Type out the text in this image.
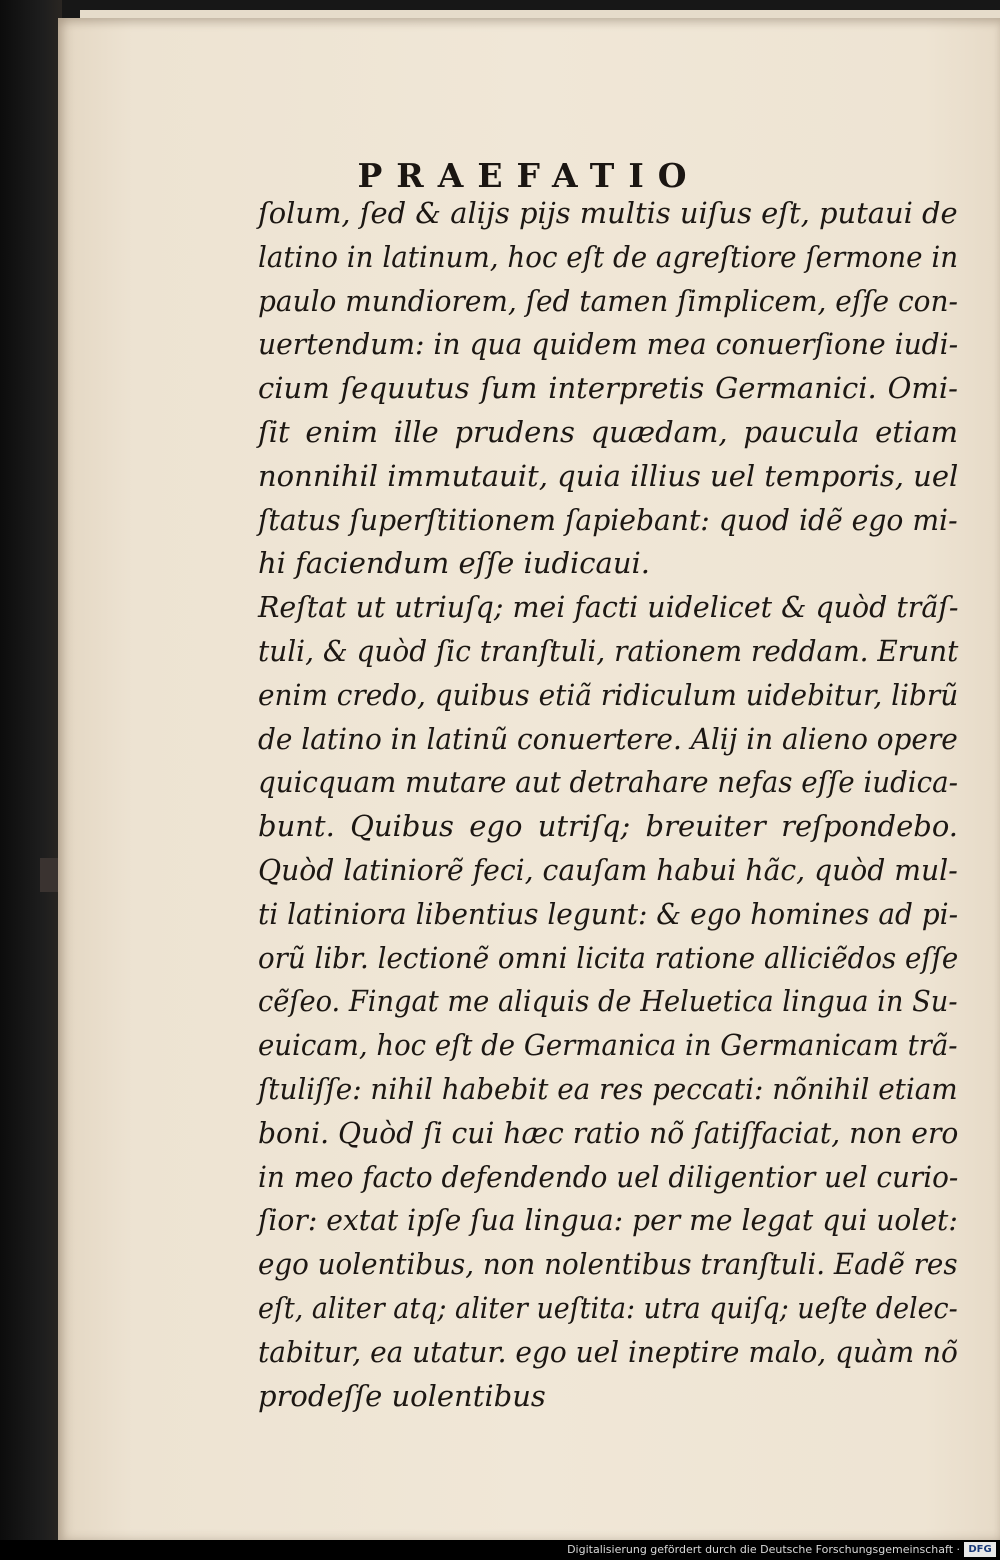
PRAEFATIO
ſolum, ſed & alijs pijs multis uiſus eſt, putaui de
latino in latinum, hoc eſt de agreſtiore ſermone in
paulo mundiorem, ſed tamen ſimplicem, eſſe con-
uertendum: in qua quidem mea conuerſione iudi-
cium ſequutus ſum interpretis Germanici. Omi-
ſit enim ille prudens quædam, paucula etiam
nonnihil immutauit, quia illius uel temporis, uel
ſtatus ſuperſtitionem ſapiebant: quod idẽ ego mi-
hi faciendum eſſe iudicaui.
Reſtat ut utriuſq; mei facti uidelicet & quòd trãſ-
tuli, & quòd ſic tranſtuli, rationem reddam. Erunt
enim credo, quibus etiã ridiculum uidebitur, librũ
de latino in latinũ conuertere. Alij in alieno opere
quicquam mutare aut detrahare nefas eſſe iudica-
bunt. Quibus ego utriſq; breuiter reſpondebo.
Quòd latiniorẽ feci, cauſam habui hãc, quòd mul-
ti latiniora libentius legunt: & ego homines ad pi-
orũ libr. lectionẽ omni licita ratione alliciẽdos eſſe
cẽſeo. Fingat me aliquis de Heluetica lingua in Su-
euicam, hoc eſt de Germanica in Germanicam trã-
ſtuliſſe: nihil habebit ea res peccati: nõnihil etiam
boni. Quòd ſi cui hæc ratio nõ ſatiſfaciat, non ero
in meo facto defendendo uel diligentior uel curio-
ſior: extat ipſe ſua lingua: per me legat qui uolet:
ego uolentibus, non nolentibus tranſtuli. Eadẽ res
eſt, aliter atq; aliter ueſtita: utra quiſq; ueſte delec-
tabitur, ea utatur. ego uel ineptire malo, quàm nõ
prodeſſe uolentibus
Digitalisierung gefördert durch die Deutsche Forschungsgemeinschaft · DFG
